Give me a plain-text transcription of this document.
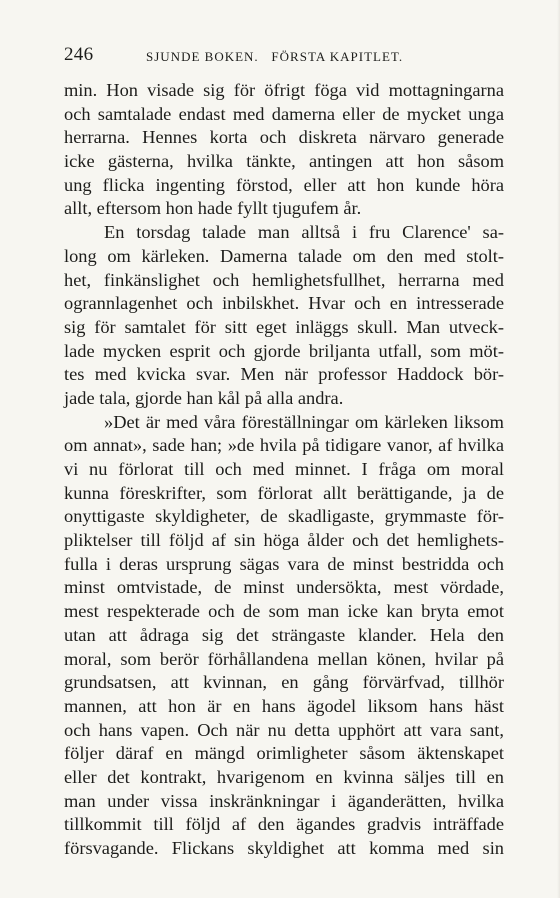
246	SJUNDE BOKEN.   FÖRSTA KAPITLET.
min. Hon visade sig för öfrigt föga vid mottagningarna
och samtalade endast med damerna eller de mycket unga
herrarna. Hennes korta och diskreta närvaro generade
icke gästerna, hvilka tänkte, antingen att hon såsom
ung flicka ingenting förstod, eller att hon kunde höra
allt, eftersom hon hade fyllt tjugufem år.
En torsdag talade man alltså i fru Clarence' sa-
long om kärleken. Damerna talade om den med stolt-
het, finkänslighet och hemlighetsfullhet, herrarna med
ogrannlagenhet och inbilskhet. Hvar och en intresserade
sig för samtalet för sitt eget inläggs skull. Man utveck-
lade mycken esprit och gjorde briljanta utfall, som möt-
tes med kvicka svar. Men när professor Haddock bör-
jade tala, gjorde han kål på alla andra.
»Det är med våra föreställningar om kärleken liksom
om annat», sade han; »de hvila på tidigare vanor, af hvilka
vi nu förlorat till och med minnet. I fråga om moral
kunna föreskrifter, som förlorat allt berättigande, ja de
onyttigaste skyldigheter, de skadligaste, grymmaste för-
pliktelser till följd af sin höga ålder och det hemlighets-
fulla i deras ursprung sägas vara de minst bestridda och
minst omtvistade, de minst undersökta, mest vördade,
mest respekterade och de som man icke kan bryta emot
utan att ådraga sig det strängaste klander. Hela den
moral, som berör förhållandena mellan könen, hvilar på
grundsatsen, att kvinnan, en gång förvärfvad, tillhör
mannen, att hon är en hans ägodel liksom hans häst
och hans vapen. Och när nu detta upphört att vara sant,
följer däraf en mängd orimligheter såsom äktenskapet
eller det kontrakt, hvarigenom en kvinna säljes till en
man under vissa inskränkningar i äganderätten, hvilka
tillkommit till följd af den ägandes gradvis inträffade
försvagande. Flickans skyldighet att komma med sin
